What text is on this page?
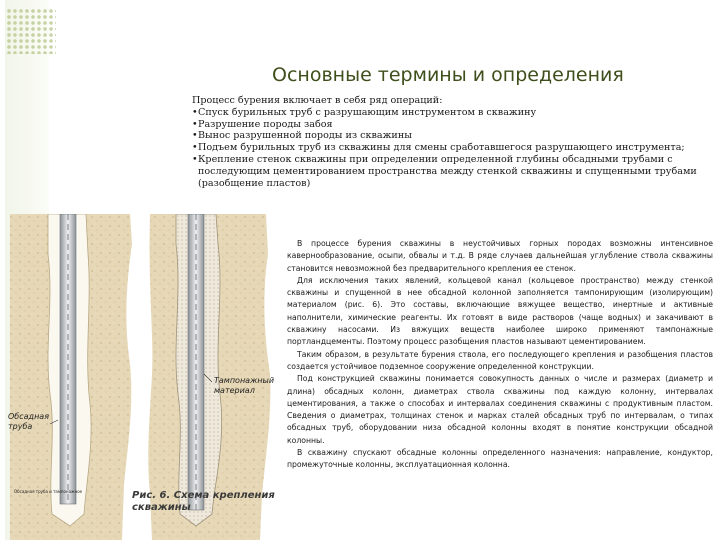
Основные термины и определения
Процесс бурения включает в себя ряд операций:
• Спуск бурильных труб с разрушающим инструментом в скважину
• Разрушение породы забоя
• Вынос разрушенной породы из скважины
• Подъем бурильных труб из скважины для смены сработавшегося разрушающего инструмента;
• Крепление стенок скважины при определении определенной глубины обсадными трубами с последующим цементированием пространства между стенкой скважины и спущенными трубами (разобщение пластов)
Обсадная труба
Тампонажный материал
Обсадная труба и тампонажное	Рис. 6. Схема крепления скважины

В процессе бурения скважины в неустойчивых горных породах возможны интенсивное кавернообразование, осыпи, обвалы и т.д. В ряде случаев дальнейшая углубление ствола скважины становится невозможной без предварительного крепления ее стенок.

Для исключения таких явлений, кольцевой канал (кольцевое пространство) между стенкой скважины и спущенной в нее обсадной колонной заполняется тампонирующим (изолирующим) материалом (рис. 6). Это составы, включающие вяжущее вещество, инертные и активные наполнители, химические реагенты. Их готовят в виде растворов (чаще водных) и закачивают в скважину насосами. Из вяжущих веществ наиболее широко применяют тампонажные портландцементы. Поэтому процесс разобщения пластов называют цементированием.

Таким образом, в результате бурения ствола, его последующего крепления и разобщения пластов создается устойчивое подземное сооружение определенной конструкции.

Под конструкцией скважины понимается совокупность данных о числе и размерах (диаметр и длина) обсадных колонн, диаметрах ствола скважины под каждую колонну, интервалах цементирования, а также о способах и интервалах соединения скважины с продуктивным пластом. Сведения о диаметрах, толщинах стенок и марках сталей обсадных труб по интервалам, о типах обсадных труб, оборудовании низа обсадной колонны входят в понятие конструкции обсадной колонны.

В скважину спускают обсадные колонны определенного назначения: направление, кондуктор, промежуточные колонны, эксплуатационная колонна.
